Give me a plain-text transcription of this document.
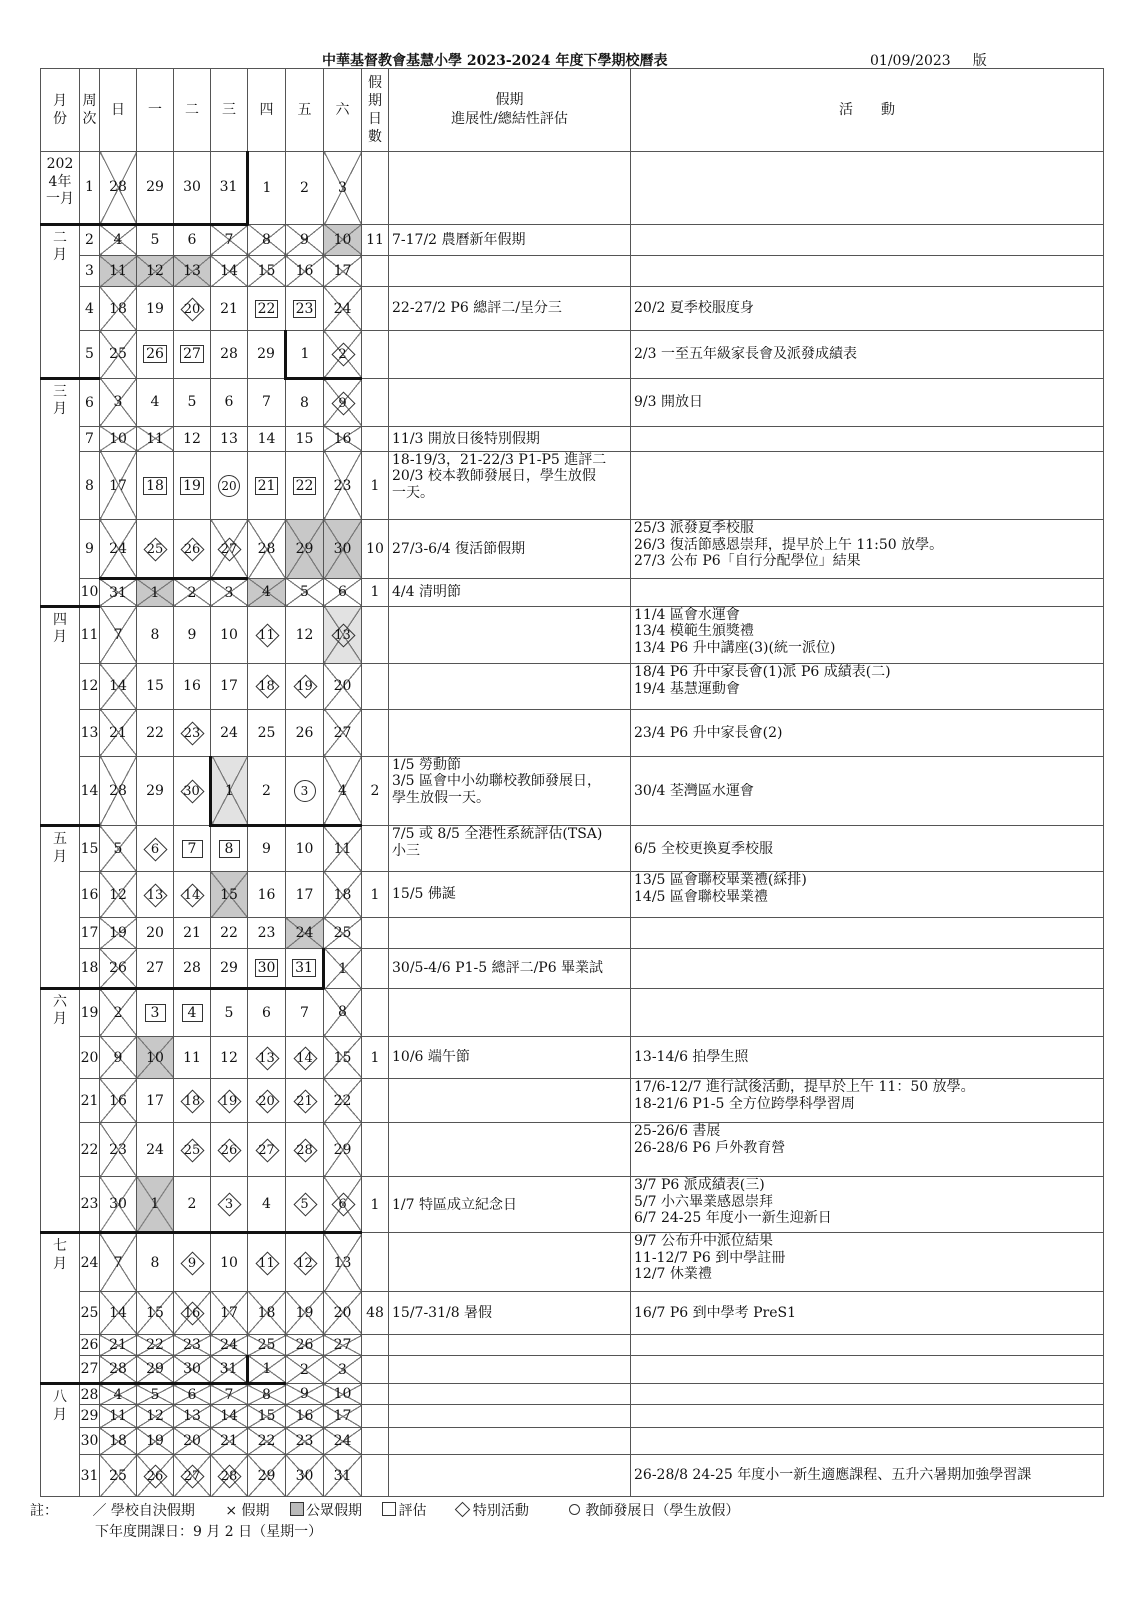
中華基督教會基慧小學 2023-2024 年度下學期校曆表	01/09/2023 版
月份	周次	日	一	二	三	四	五	六	假期日數	假期
進展性/總結性評估	活　　動

2024年一月	1	28	29	30	31	1	2	3			

二月	2	4	5	6	7	8	9	10	11	7-17/2 農曆新年假期	

	3	11	12	13	14	15	16	17			
	4	18	19	20	21	22	23	24		22-27/2 P6 總評二/呈分三	20/2 夏季校服度身

	5	25	26	27	28	29	1	2			2/3 一至五年級家長會及派發成績表

三月	6	3	4	5	6	7	8	9			9/3 開放日

	7	10	11	12	13	14	15	16		11/3 開放日後特別假期	

	8	17	18	19	20	21	22	23	1	18-19/3，21-22/3 P1-P5 進評二
20/3 校本教師發展日，學生放假
一天。	

	9	24	25	26	27	28	29	30	10	27/3-6/4 復活節假期	25/3 派發夏季校服
26/3 復活節感恩崇拜，提早於上午 11:50 放學。
27/3 公布 P6「自行分配學位」結果

	10	31	1	2	3	4	5	6	1	4/4 清明節	

四月	11	7	8	9	10	11	12	13			11/4 區會水運會
13/4 模範生頒獎禮
13/4 P6 升中講座(3)(統一派位)

	12	14	15	16	17	18	19	20			18/4 P6 升中家長會(1)派 P6 成績表(二)
19/4 基慧運動會

	13	21	22	23	24	25	26	27			23/4 P6 升中家長會(2)

	14	28	29	30	1	2	3	4	2	1/5 勞動節
3/5 區會中小幼聯校教師發展日，
學生放假一天。	30/4 荃灣區水運會

五月	15	5	6	7	8	9	10	11		7/5 或 8/5 全港性系統評估(TSA)
小三	6/5 全校更換夏季校服

	16	12	13	14	15	16	17	18	1	15/5 佛誕	13/5 區會聯校畢業禮(綵排)
14/5 區會聯校畢業禮

	17	19	20	21	22	23	24	25			
	18	26	27	28	29	30	31	1		30/5-4/6 P1-5 總評二/P6 畢業試	

六月	19	2	3	4	5	6	7	8			
	20	9	10	11	12	13	14	15	1	10/6 端午節	13-14/6 拍學生照

	21	16	17	18	19	20	21	22			17/6-12/7 進行試後活動，提早於上午 11：50 放學。
18-21/6 P1-5 全方位跨學科學習周

	22	23	24	25	26	27	28	29			25-26/6 書展
26-28/6 P6 戶外教育營

	23	30	1	2	3	4	5	6	1	1/7 特區成立紀念日	3/7 P6 派成績表(三)
5/7 小六畢業感恩崇拜
6/7 24-25 年度小一新生迎新日

七月	24	7	8	9	10	11	12	13			9/7 公布升中派位結果
11-12/7 P6 到中學註冊
12/7 休業禮

	25	14	15	16	17	18	19	20	48	15/7-31/8 暑假	16/7 P6 到中學考 PreS1

	26	21	22	23	24	25	26	27			
	27	28	29	30	31	1	2	3			

八月	28	4	5	6	7	8	9	10			
	29	11	12	13	14	15	16	17			
	30	18	19	20	21	22	23	24			
	31	25	26	27	28	29	30	31			26-28/8 24-25 年度小一新生適應課程、五升六暑期加強學習課
註： ／ 學校自決假期 × 假期	公眾假期	評估	特別活動	教師發展日（學生放假）
下年度開課日：9 月 2 日（星期一）
